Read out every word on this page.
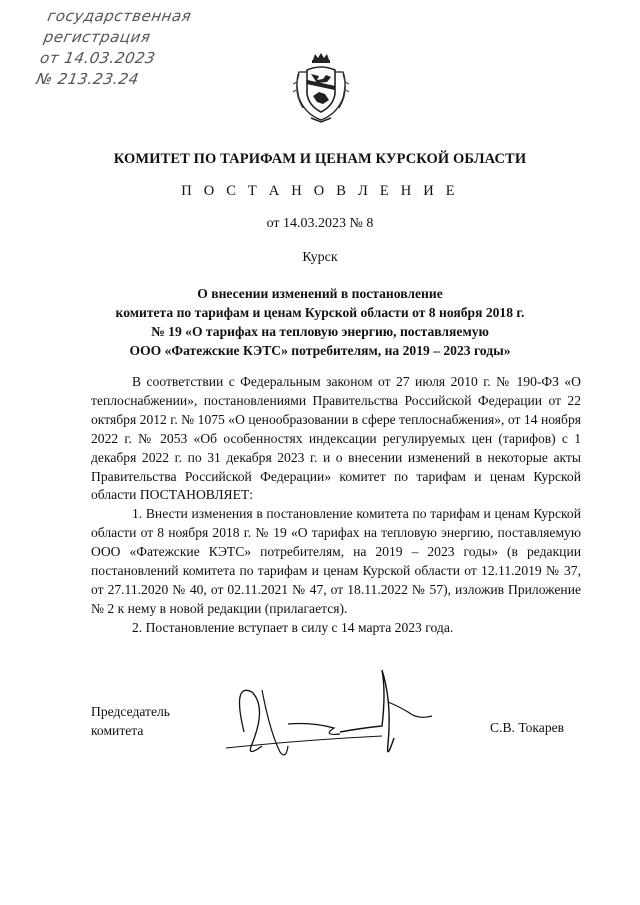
государственная
регистрация
от 14.03.2023
№ 213.23.24
КОМИТЕТ ПО ТАРИФАМ И ЦЕНАМ КУРСКОЙ ОБЛАСТИ
П О С Т А Н О В Л Е Н И Е
от 14.03.2023 № 8
Курск
О внесении изменений в постановление
комитета по тарифам и ценам Курской области от 8 ноября 2018 г.
№ 19 «О тарифах на тепловую энергию, поставляемую
ООО «Фатежские КЭТС» потребителям, на 2019 – 2023 годы»

В соответствии с Федеральным законом от 27 июля 2010 г. № 190-ФЗ «О теплоснабжении», постановлениями Правительства Российской Федерации от 22 октября 2012 г. № 1075 «О ценообразовании в сфере теплоснабжения», от 14 ноября 2022 г. № 2053 «Об особенностях индексации регулируемых цен (тарифов) с 1 декабря 2022 г. по 31 декабря 2023 г. и о внесении изменений в некоторые акты Правительства Российской Федерации» комитет по тарифам и ценам Курской области ПОСТАНОВЛЯЕТ:

1. Внести изменения в постановление комитета по тарифам и ценам Курской области от 8 ноября 2018 г. № 19 «О тарифах на тепловую энергию, поставляемую ООО «Фатежские КЭТС» потребителям, на 2019 – 2023 годы» (в редакции постановлений комитета по тарифам и ценам Курской области от 12.11.2019 № 37, от 27.11.2020 № 40, от 02.11.2021 № 47, от 18.11.2022 № 57), изложив Приложение № 2 к нему в новой редакции (прилагается).

2. Постановление вступает в силу с 14 марта 2023 года.

Председатель
комитета	С.В. Токарев
